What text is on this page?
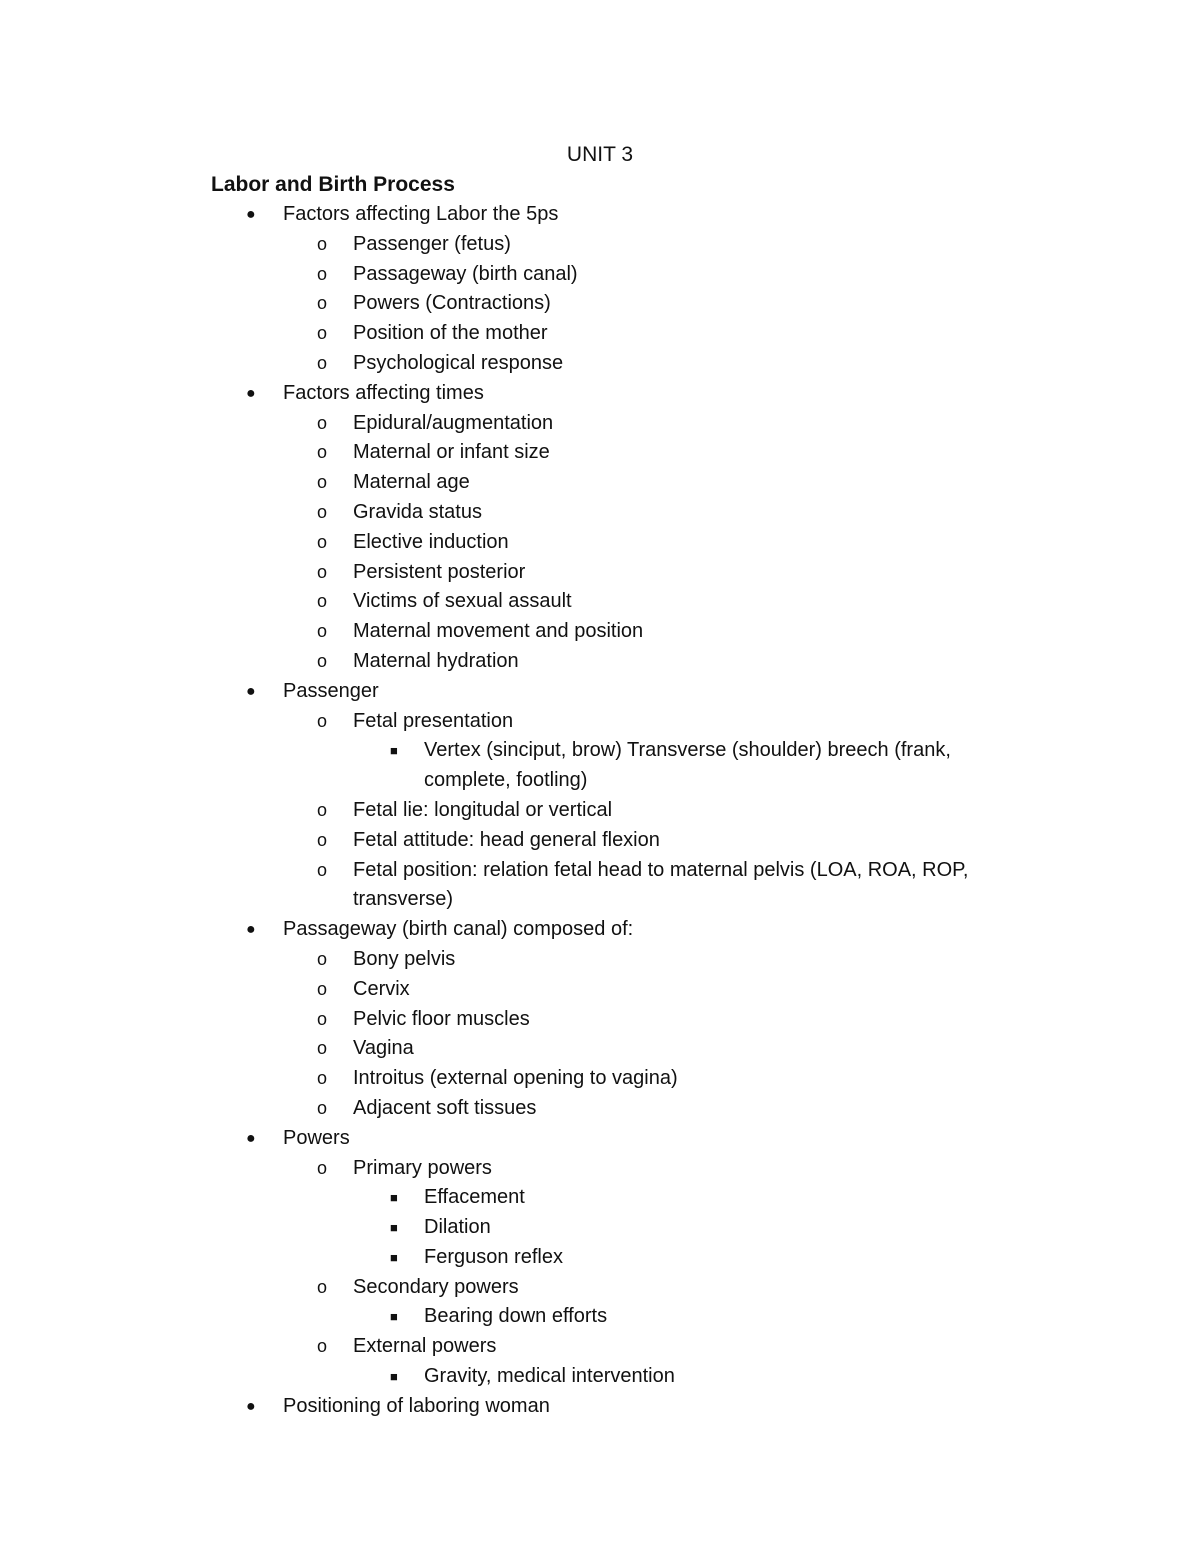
UNIT 3
Labor and Birth Process
● Factors affecting Labor the 5ps
o Passenger (fetus)
o Passageway (birth canal)
o Powers (Contractions)
o Position of the mother
o Psychological response
● Factors affecting times
o Epidural/augmentation
o Maternal or infant size
o Maternal age
o Gravida status
o Elective induction
o Persistent posterior
o Victims of sexual assault
o Maternal movement and position
o Maternal hydration
● Passenger
o Fetal presentation
■ Vertex (sinciput, brow) Transverse (shoulder) breech (frank, complete, footling)
o Fetal lie: longitudal or vertical
o Fetal attitude: head general flexion
o Fetal position: relation fetal head to maternal pelvis (LOA, ROA, ROP, transverse)
● Passageway (birth canal) composed of:
o Bony pelvis
o Cervix
o Pelvic floor muscles
o Vagina
o Introitus (external opening to vagina)
o Adjacent soft tissues
● Powers
o Primary powers
■ Effacement
■ Dilation
■ Ferguson reflex
o Secondary powers
■ Bearing down efforts
o External powers
■ Gravity, medical intervention
● Positioning of laboring woman
